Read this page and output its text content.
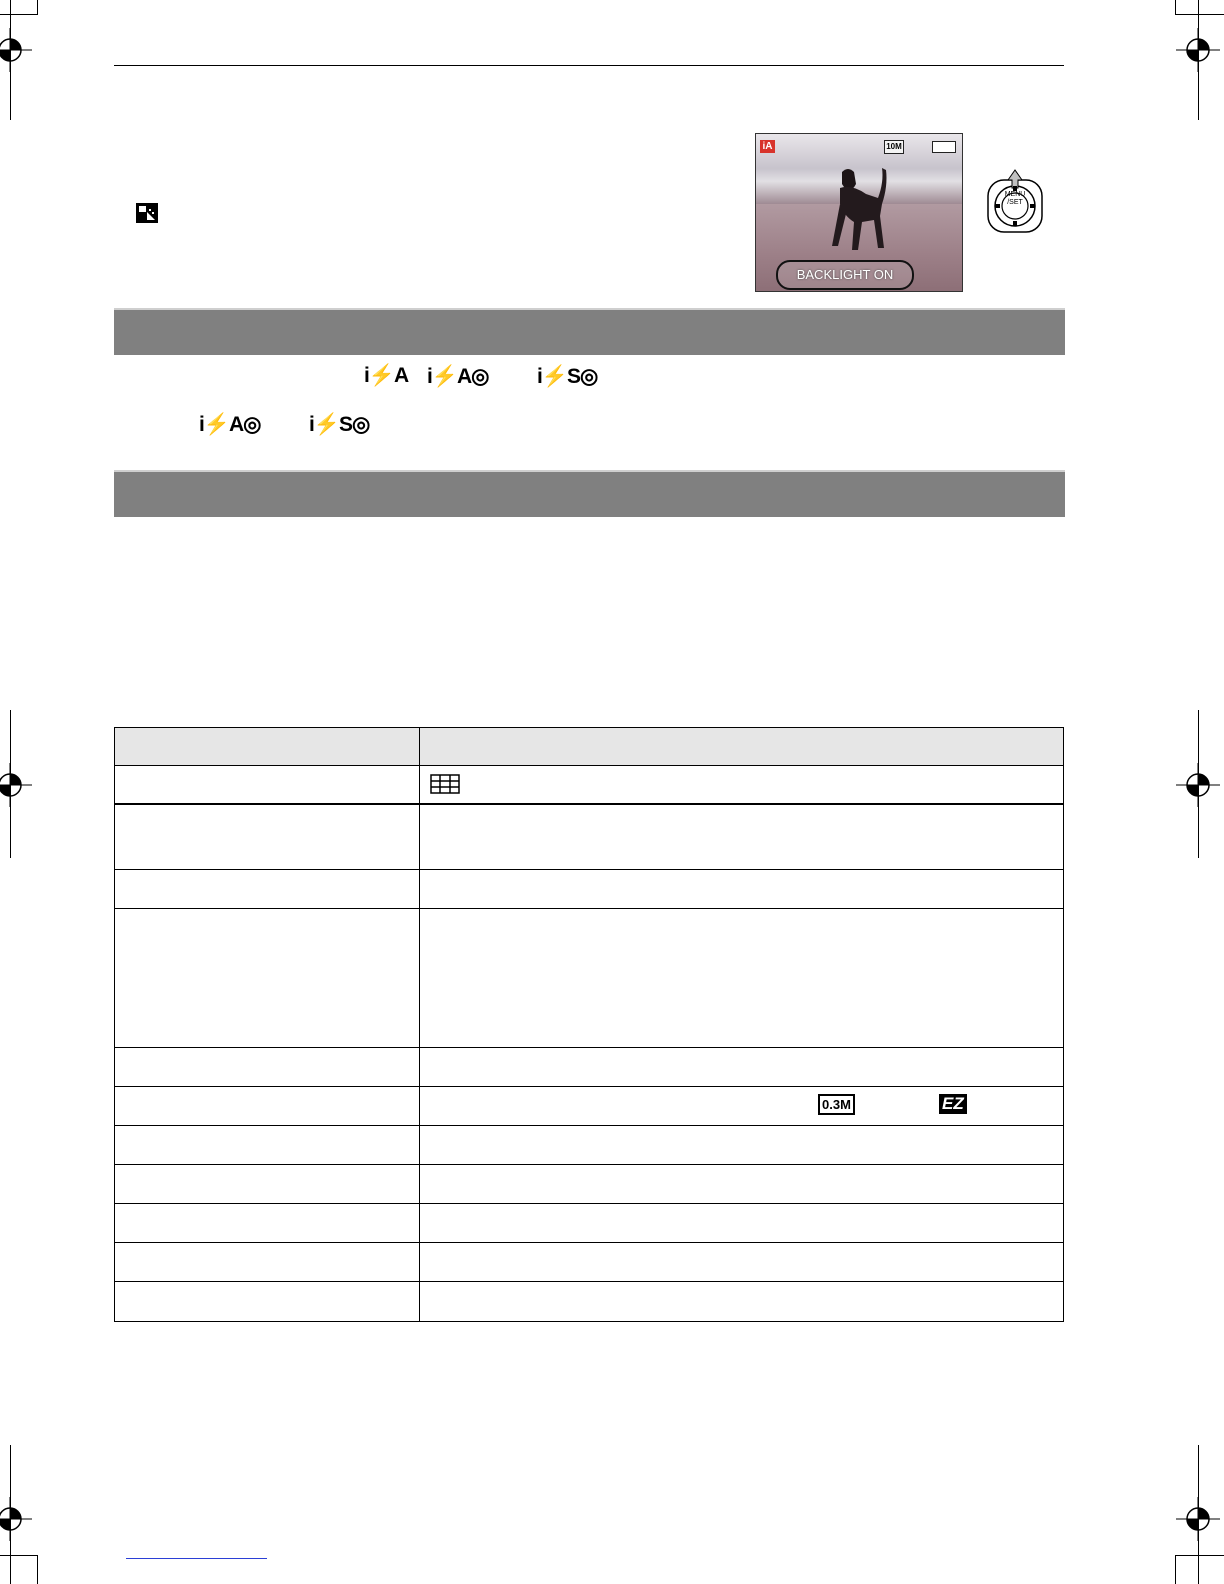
iA	10M
BACKLIGHT ON
MENU
/SET
i⚡A i⚡A◎ i⚡S◎
i⚡A◎ i⚡S◎

	0.3M EZ
